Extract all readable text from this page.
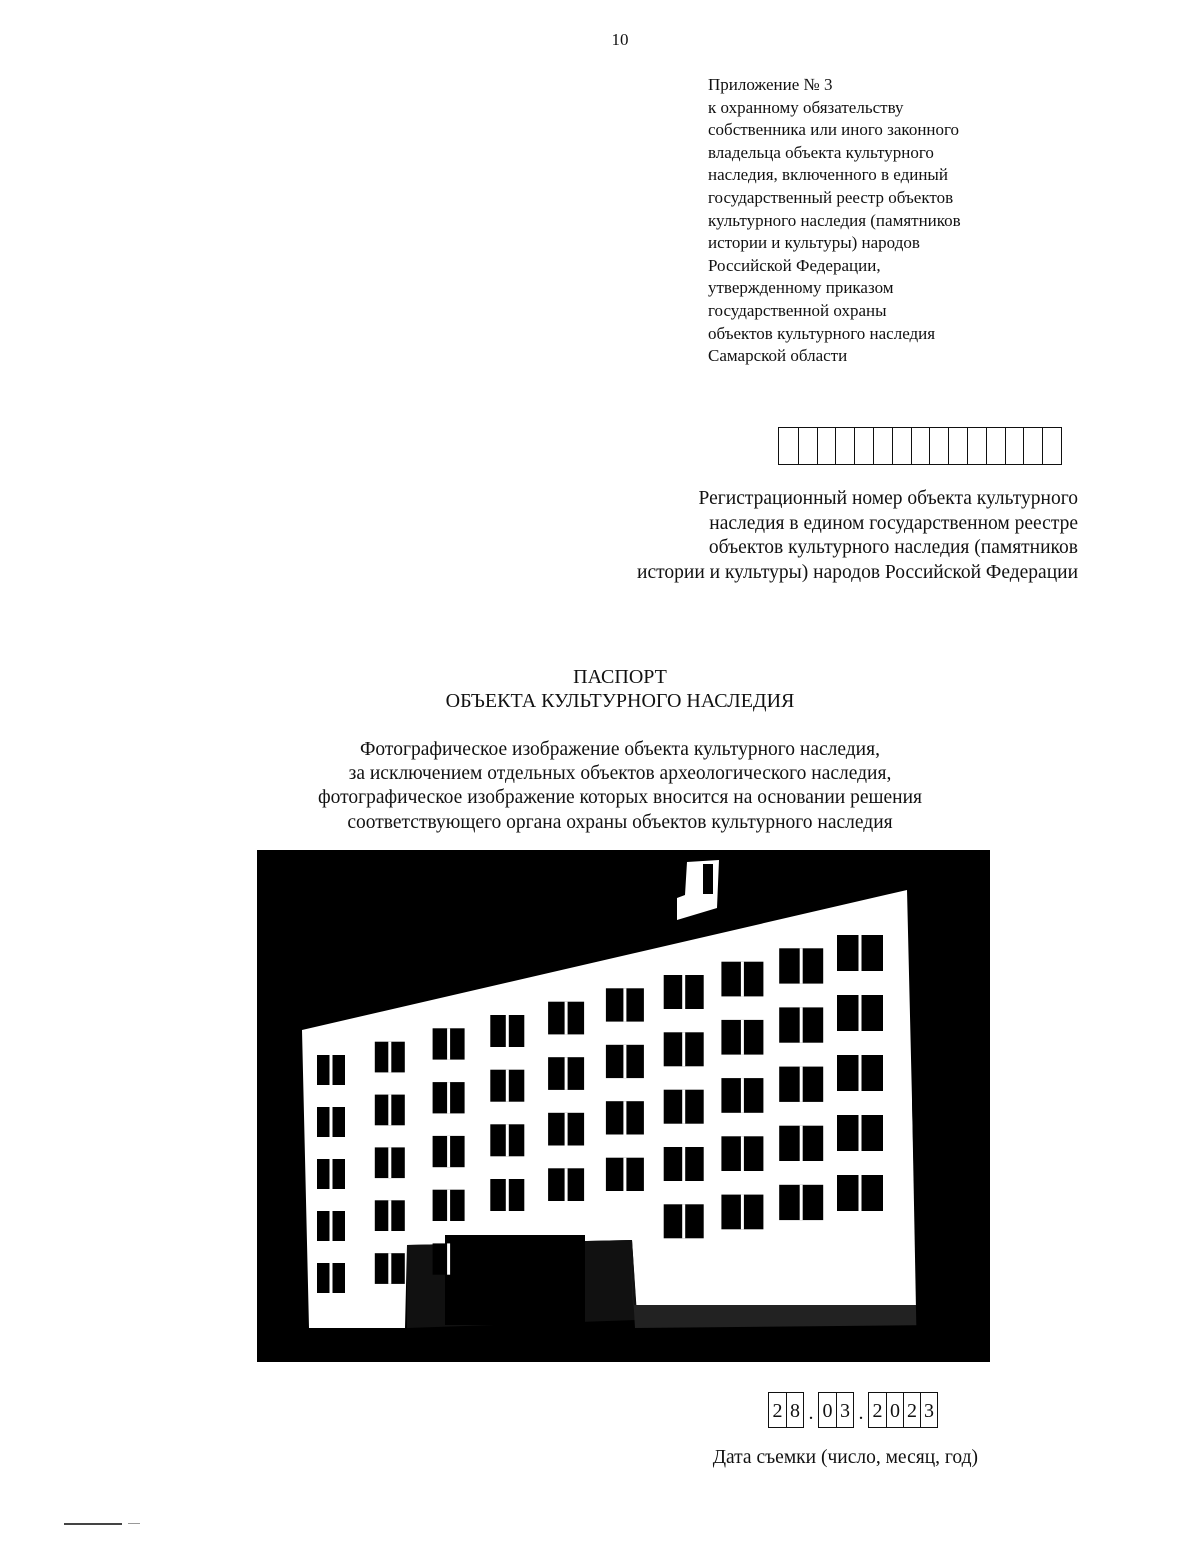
10
Приложение № 3
к охранному обязательству
собственника или иного законного
владельца объекта культурного
наследия, включенного в единый
государственный реестр объектов
культурного наследия (памятников
истории и культуры) народов
Российской Федерации,
утвержденному приказом
государственной охраны
объектов культурного наследия
Самарской области
Регистрационный номер объекта культурного
наследия в едином государственном реестре
объектов культурного наследия (памятников
истории и культуры) народов Российской Федерации
ПАСПОРТ
ОБЪЕКТА КУЛЬТУРНОГО НАСЛЕДИЯ
Фотографическое изображение объекта культурного наследия,
за исключением отдельных объектов археологического наследия,
фотографическое изображение которых вносится на основании решения
соответствующего органа охраны объектов культурного наследия
2 8 . 0 3 . 2 0 2 3
Дата съемки (число, месяц, год)
